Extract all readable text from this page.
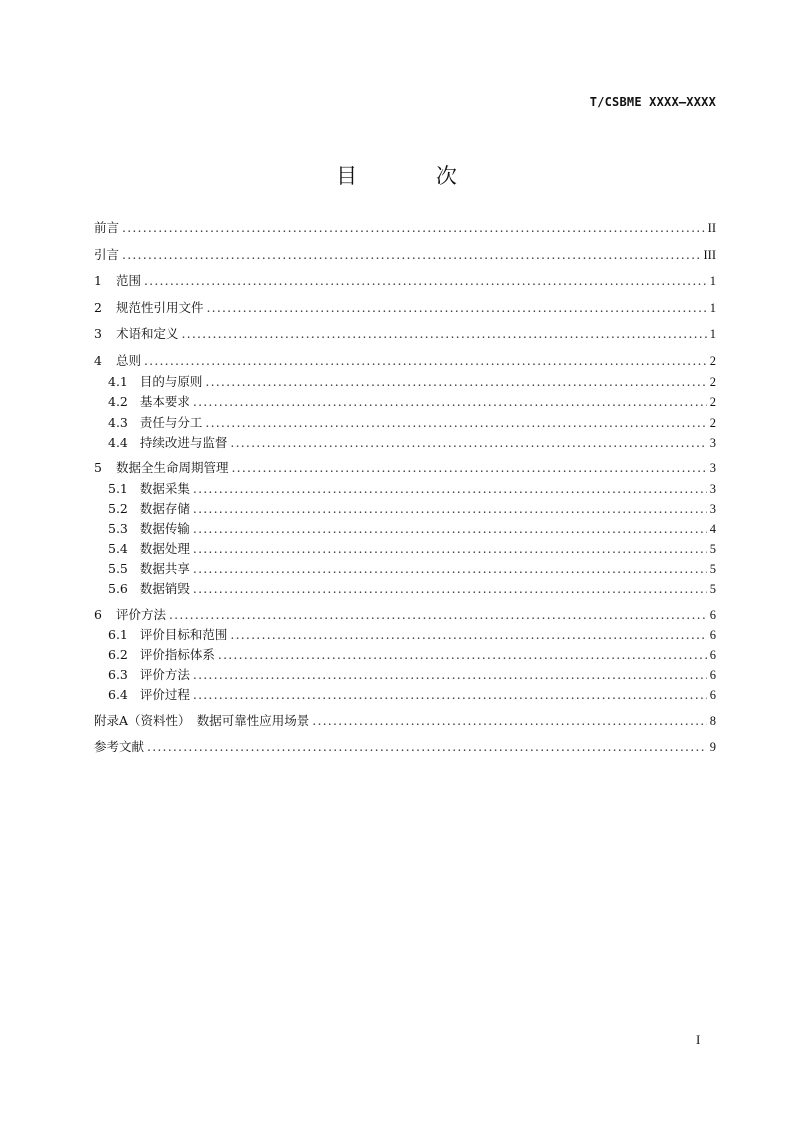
T/CSBME XXXX—XXXX
目 次
前言 .....	II
引言 .....	III
1 范围 .....	1
2 规范性引用文件 .....	1
3 术语和定义 .....	1
4 总则 .....	2
4.1 目的与原则 .....	2
4.2 基本要求 .....	2
4.3 责任与分工 .....	2
4.4 持续改进与监督 .....	3
5 数据全生命周期管理 .....	3
5.1 数据采集 .....	3
5.2 数据存储 .....	3
5.3 数据传输 .....	4
5.4 数据处理 .....	5
5.5 数据共享 .....	5
5.6 数据销毁 .....	5
6 评价方法 .....	6
6.1 评价目标和范围 .....	6
6.2 评价指标体系 .....	6
6.3 评价方法 .....	6
6.4 评价过程 .....	6
附录A（资料性）　数据可靠性应用场景 .....	8
参考文献 .....	9
I
